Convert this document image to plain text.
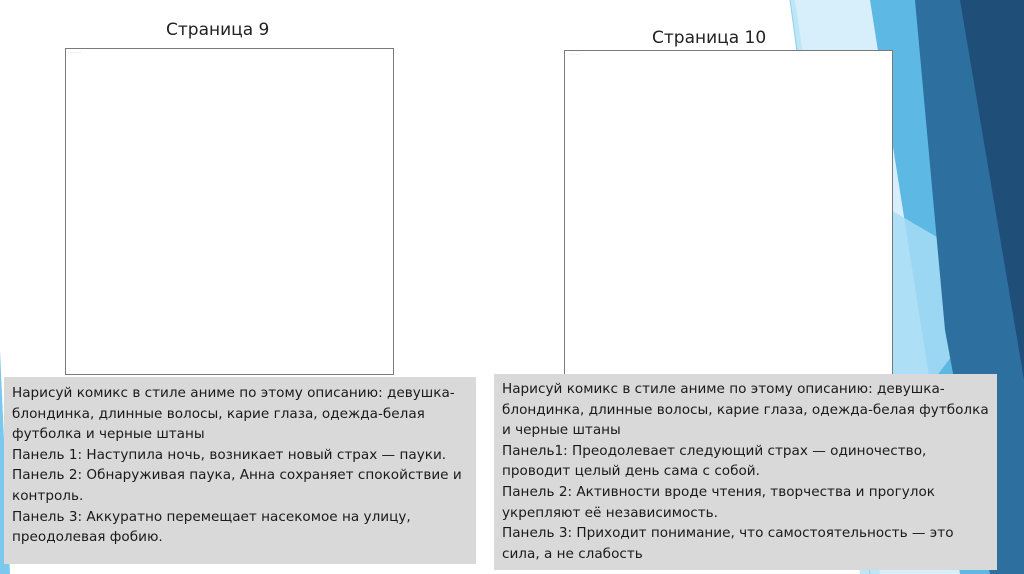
Страница 9
· ······ ·····
Страница 10
· ······ ·····

Нарисуй комикс в стиле аниме по этому описанию: девушка-блондинка, длинные волосы, карие глаза, одежда-белая футболка и черные штаны

Панель 1: Наступила ночь, возникает новый страх — пауки.

Панель 2: Обнаруживая паука, Анна сохраняет спокойствие и контроль.

Панель 3: Аккуратно перемещает насекомое на улицу, преодолевая фобию.

Нарисуй комикс в стиле аниме по этому описанию: девушка-блондинка, длинные волосы, карие глаза, одежда-белая футболка и черные штаны

Панель1: Преодолевает следующий страх — одиночество, проводит целый день сама с собой.

Панель 2: Активности вроде чтения, творчества и прогулок укрепляют её независимость.

Панель 3: Приходит понимание, что самостоятельность — это сила, а не слабость
